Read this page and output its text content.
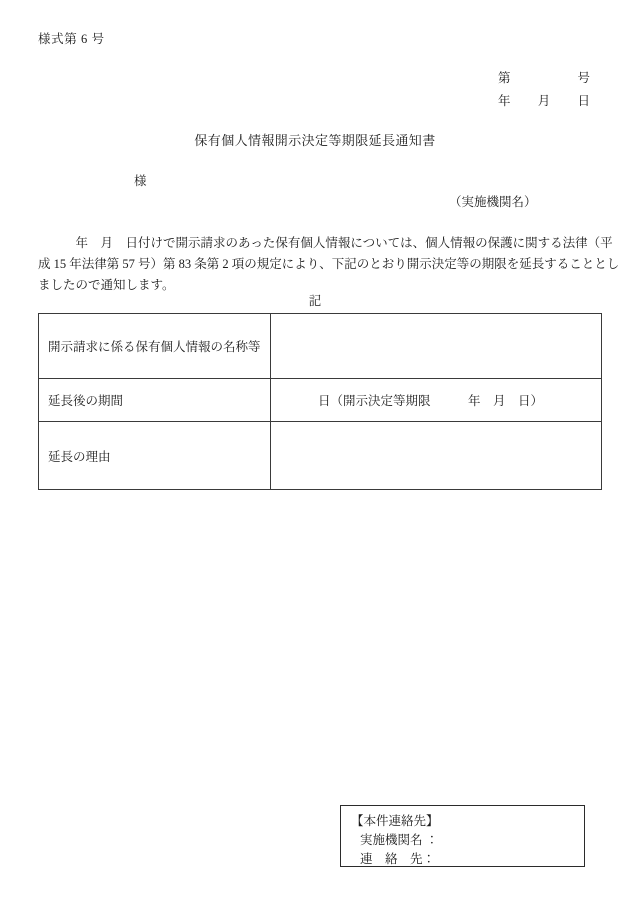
様式第 6 号
第	号
年 月 日
保有個人情報開示決定等期限延長通知書
様
（実施機関名）
　　　年　月　日付けで開示請求のあった保有個人情報については、個人情報の保護に関する法律（平
成 15 年法律第 57 号）第 83 条第 2 項の規定により、下記のとおり開示決定等の期限を延長することとし
ましたので通知します。
記
開示請求に係る保有個人情報の名称等	

延長後の期間	日（開示決定等期限　　　年　月　日）

延長の理由	
【本件連絡先】
実施機関名 ：
連　絡　先：
